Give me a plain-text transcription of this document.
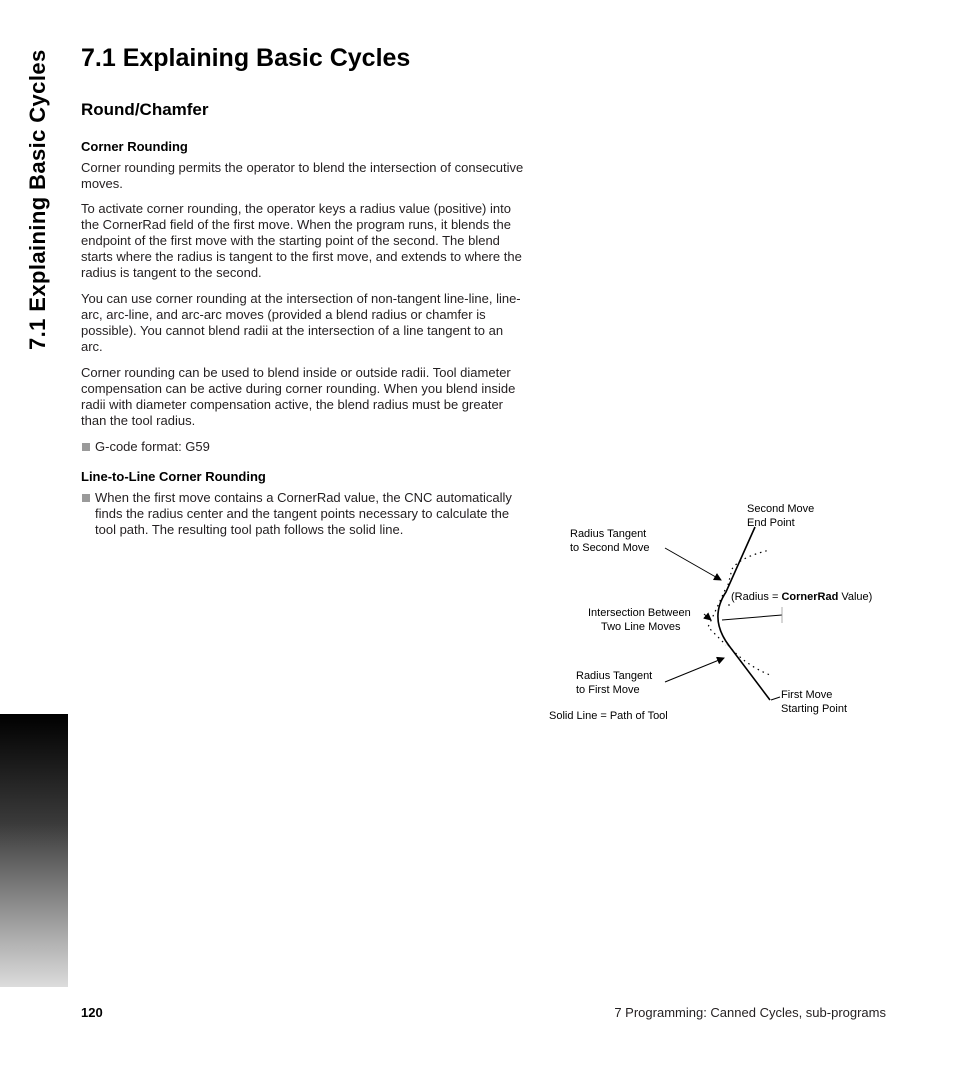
7.1 Explaining Basic Cycles 7.1 Explaining Basic Cycles
Round/Chamfer
Corner Rounding

Corner rounding permits the operator to blend the intersection of consecutive moves.

To activate corner rounding, the operator keys a radius value (positive) into the CornerRad field of the first move. When the program runs, it blends the endpoint of the first move with the starting point of the second. The blend starts where the radius is tangent to the first move, and extends to where the radius is tangent to the second.

You can use corner rounding at the intersection of non-tangent line-line, line-arc, arc-line, and arc-arc moves (provided a blend radius or chamfer is possible). You cannot blend radii at the intersection of a line tangent to an arc.

Corner rounding can be used to blend inside or outside radii. Tool diameter compensation can be active during corner rounding. When you blend inside radii with diameter compensation active, the blend radius must be greater than the tool radius.

G-code format: G59
Line-to-Line Corner Rounding
When the first move contains a CornerRad value, the CNC automatically finds the radius center and the tangent points necessary to calculate the tool path. The resulting tool path follows the solid line.
Second Move
End Point
Radius Tangent
to Second Move
(Radius = CornerRad Value)
Intersection Between
Two Line Moves
Radius Tangent
to First Move	First Move
Starting Point
Solid Line = Path of Tool
120	7 Programming: Canned Cycles, sub-programs
